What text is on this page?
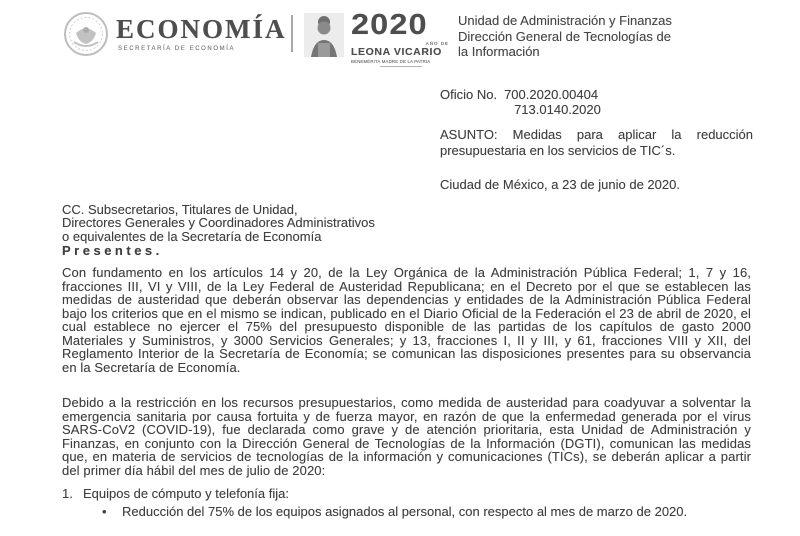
ECONOMÍA
SECRETARÍA DE ECONOMÍA
2020
AÑO DE
LEONA VICARIO
BENEMÉRITA MADRE DE LA PATRIA
Unidad de Administración y Finanzas
Dirección General de Tecnologías de
la Información
Oficio No. 700.2020.00404
713.0140.2020
ASUNTO: Medidas para aplicar la reducción presupuestaria en los servicios de TIC´s.
Ciudad de México, a 23 de junio de 2020.
CC. Subsecretarios, Titulares de Unidad,
Directores Generales y Coordinadores Administrativos
o equivalentes de la Secretaría de Economía
Presentes.
Con fundamento en los artículos 14 y 20, de la Ley Orgánica de la Administración Pública Federal; 1, 7 y 16, fracciones III, VI y VIII, de la Ley Federal de Austeridad Republicana; en el Decreto por el que se establecen las medidas de austeridad que deberán observar las dependencias y entidades de la Administración Pública Federal bajo los criterios que en el mismo se indican, publicado en el Diario Oficial de la Federación el 23 de abril de 2020, el cual establece no ejercer el 75% del presupuesto disponible de las partidas de los capítulos de gasto 2000 Materiales y Suministros, y 3000 Servicios Generales; y 13, fracciones I, II y III, y 61, fracciones VIII y XII, del Reglamento Interior de la Secretaría de Economía; se comunican las disposiciones presentes para su observancia en la Secretaría de Economía.
Debido a la restricción en los recursos presupuestarios, como medida de austeridad para coadyuvar a solventar la emergencia sanitaria por causa fortuita y de fuerza mayor, en razón de que la enfermedad generada por el virus SARS-CoV2 (COVID-19), fue declarada como grave y de atención prioritaria, esta Unidad de Administración y Finanzas, en conjunto con la Dirección General de Tecnologías de la Información (DGTI), comunican las medidas que, en materia de servicios de tecnologías de la información y comunicaciones (TICs), se deberán aplicar a partir del primer día hábil del mes de julio de 2020:
1. Equipos de cómputo y telefonía fija:
•	Reducción del 75% de los equipos asignados al personal, con respecto al mes de marzo de 2020.
